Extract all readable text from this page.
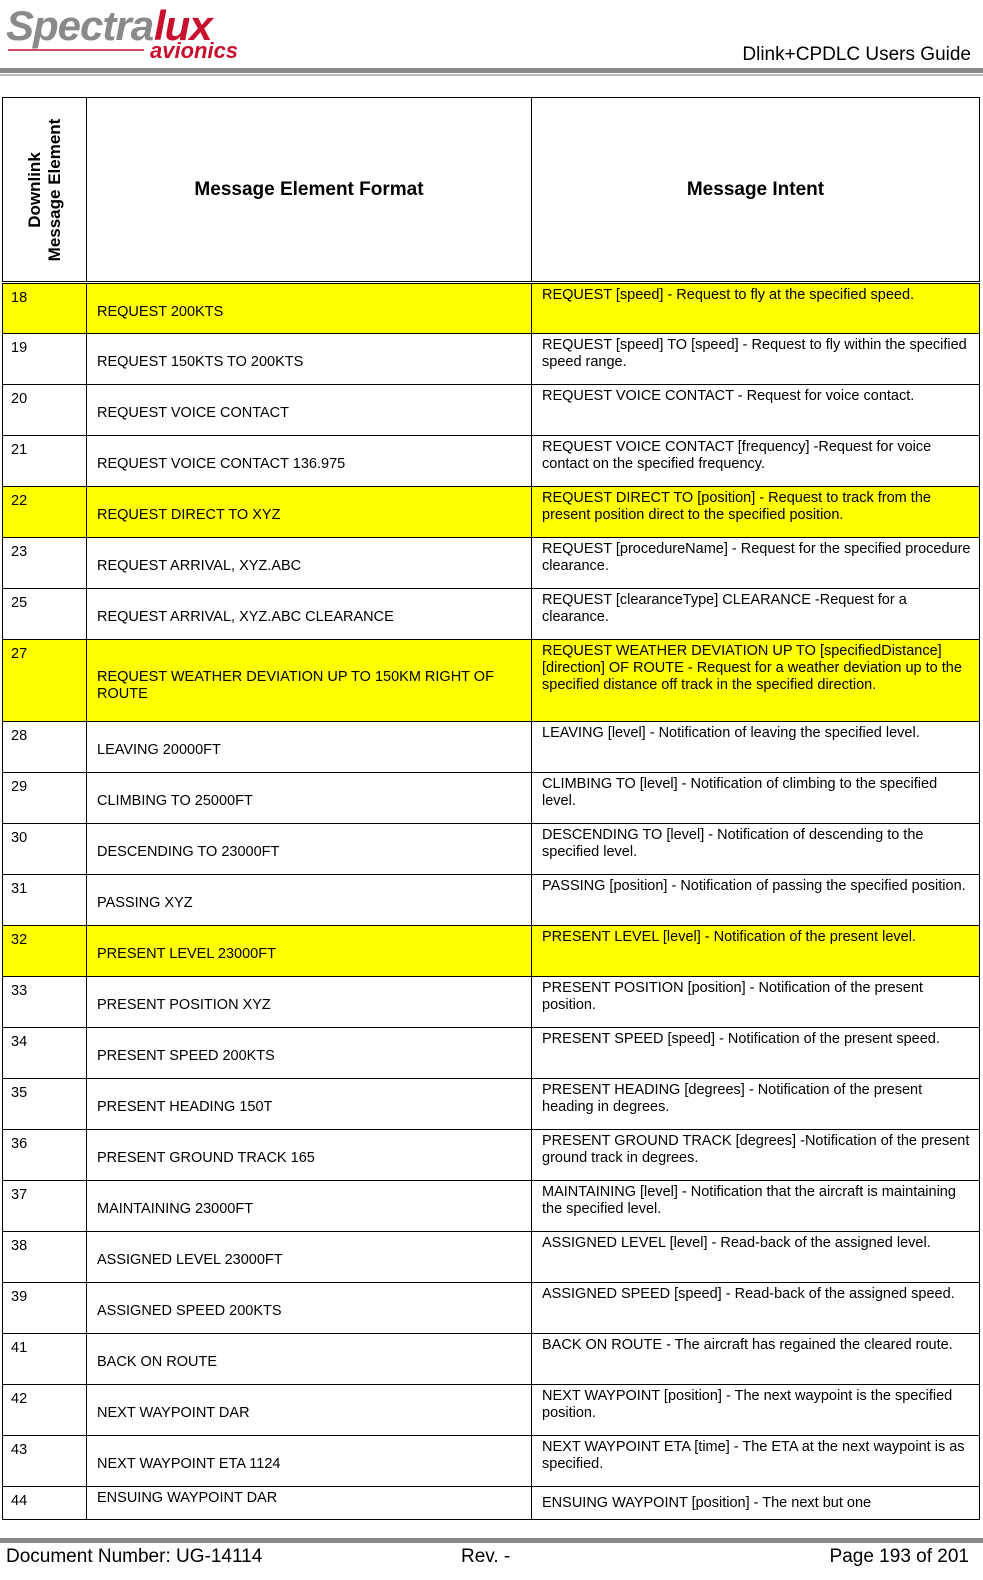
Spectra lux
avionics	Dlink+CPDLC Users Guide
Downlink
Message Element	Message Element Format	Message Intent
18	REQUEST 200KTS	REQUEST [speed] - Request to fly at the specified speed.
19	REQUEST 150KTS TO 200KTS	REQUEST [speed] TO [speed] - Request to fly within the specified speed range.
20	REQUEST VOICE CONTACT	REQUEST VOICE CONTACT - Request for voice contact.
21	REQUEST VOICE CONTACT 136.975	REQUEST VOICE CONTACT [frequency] -Request for voice contact on the specified frequency.
22	REQUEST DIRECT TO XYZ	REQUEST DIRECT TO [position] - Request to track from the present position direct to the specified position.
23	REQUEST ARRIVAL, XYZ.ABC	REQUEST [procedureName] - Request for the specified procedure clearance.
25	REQUEST ARRIVAL, XYZ.ABC CLEARANCE	REQUEST [clearanceType] CLEARANCE -Request for a clearance.
27	REQUEST WEATHER DEVIATION UP TO 150KM RIGHT OF ROUTE	REQUEST WEATHER DEVIATION UP TO [specifiedDistance] [direction] OF ROUTE - Request for a weather deviation up to the specified distance off track in the specified direction.
28	LEAVING 20000FT	LEAVING [level] - Notification of leaving the specified level.
29	CLIMBING TO 25000FT	CLIMBING TO [level] - Notification of climbing to the specified level.
30	DESCENDING TO 23000FT	DESCENDING TO [level] - Notification of descending to the specified level.
31	PASSING XYZ	PASSING [position] - Notification of passing the specified position.
32	PRESENT LEVEL 23000FT	PRESENT LEVEL [level] - Notification of the present level.
33	PRESENT POSITION XYZ	PRESENT POSITION [position] - Notification of the present position.
34	PRESENT SPEED 200KTS	PRESENT SPEED [speed] - Notification of the present speed.
35	PRESENT HEADING 150T	PRESENT HEADING [degrees] - Notification of the present heading in degrees.
36	PRESENT GROUND TRACK 165	PRESENT GROUND TRACK [degrees] -Notification of the present ground track in degrees.
37	MAINTAINING 23000FT	MAINTAINING [level] - Notification that the aircraft is maintaining the specified level.
38	ASSIGNED LEVEL 23000FT	ASSIGNED LEVEL [level] - Read-back of the assigned level.
39	ASSIGNED SPEED 200KTS	ASSIGNED SPEED [speed] - Read-back of the assigned speed.
41	BACK ON ROUTE	BACK ON ROUTE - The aircraft has regained the cleared route.
42	NEXT WAYPOINT DAR	NEXT WAYPOINT [position] - The next waypoint is the specified position.
43	NEXT WAYPOINT ETA 1124	NEXT WAYPOINT ETA [time] - The ETA at the next waypoint is as specified.
44	ENSUING WAYPOINT DAR	ENSUING WAYPOINT [position] - The next but one
Document Number: UG-14114	Rev. -	Page 193 of 201
